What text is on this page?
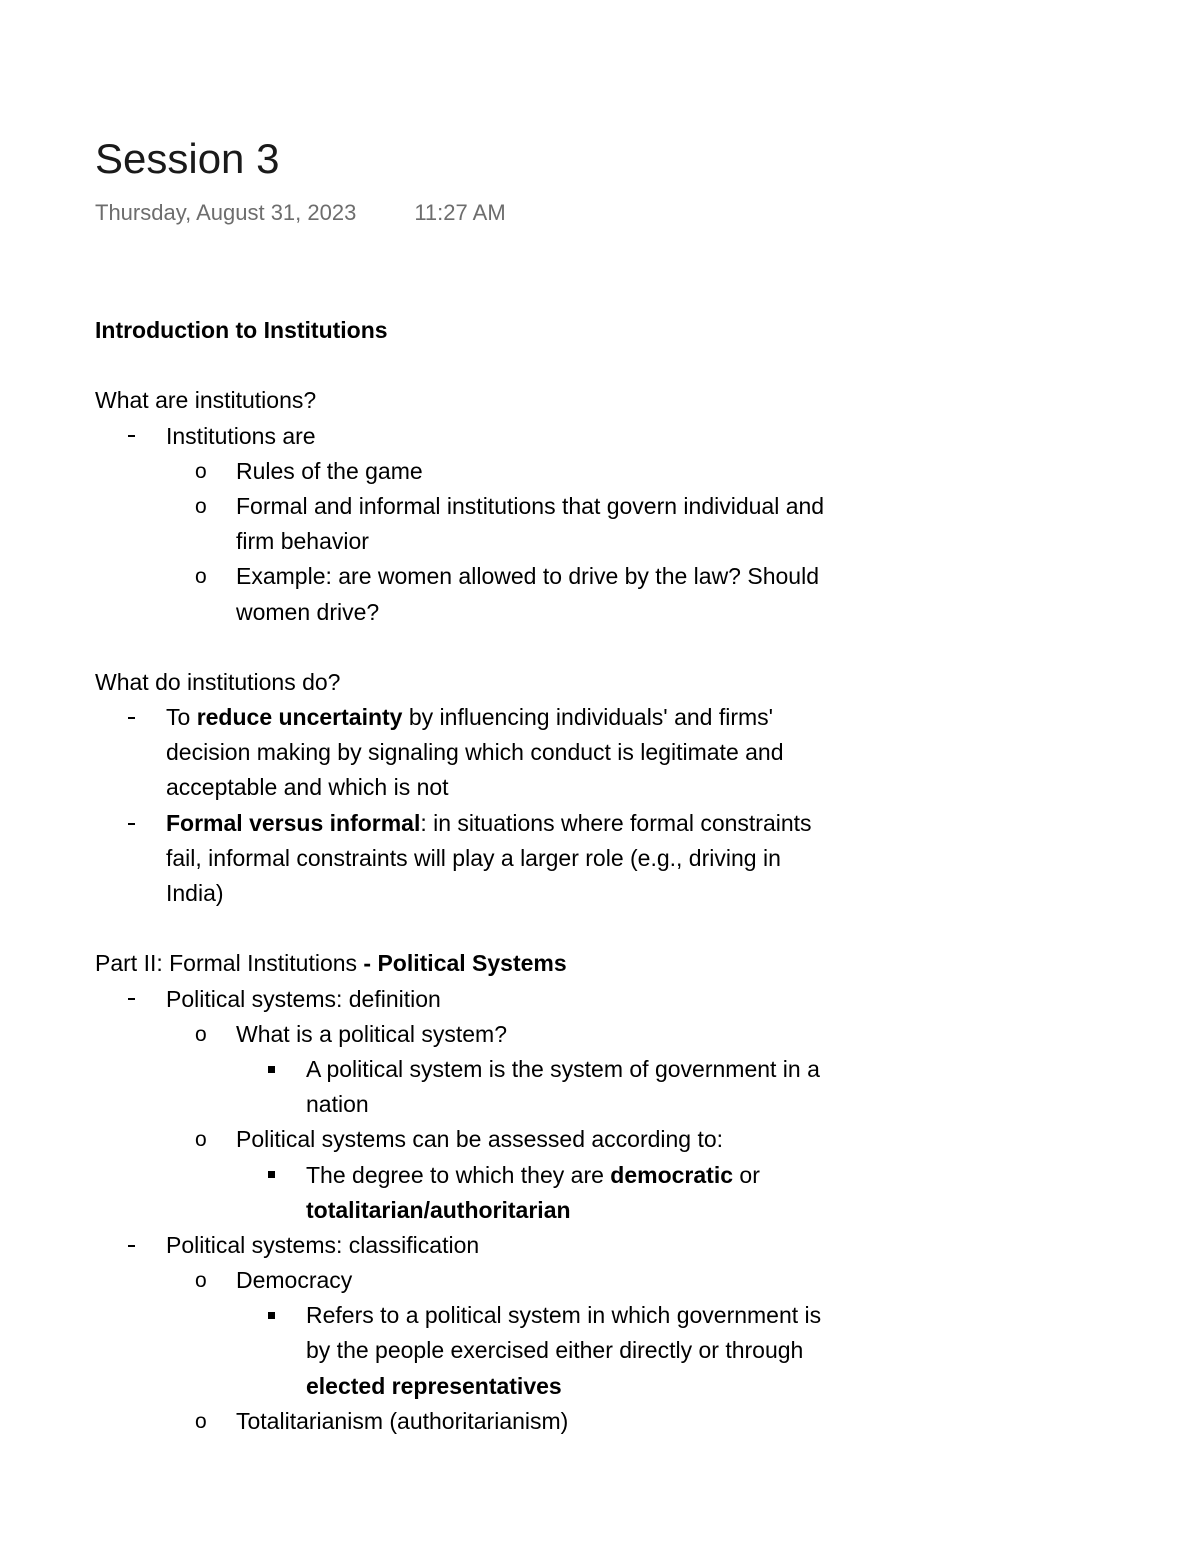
Session 3
Thursday, August 31, 2023	11:27 AM
Introduction to Institutions
What are institutions?
Institutions are
o Rules of the game
o Formal and informal institutions that govern individual and
firm behavior
o Example: are women allowed to drive by the law? Should
women drive?
What do institutions do?
To reduce uncertainty by influencing individuals' and firms'
decision making by signaling which conduct is legitimate and
acceptable and which is not
Formal versus informal: in situations where formal constraints
fail, informal constraints will play a larger role (e.g., driving in
India)
Part II: Formal Institutions - Political Systems
Political systems: definition
o What is a political system?
A political system is the system of government in a
nation
o Political systems can be assessed according to:
The degree to which they are democratic or
totalitarian/authoritarian
Political systems: classification
o Democracy
Refers to a political system in which government is
by the people exercised either directly or through
elected representatives
o Totalitarianism (authoritarianism)
